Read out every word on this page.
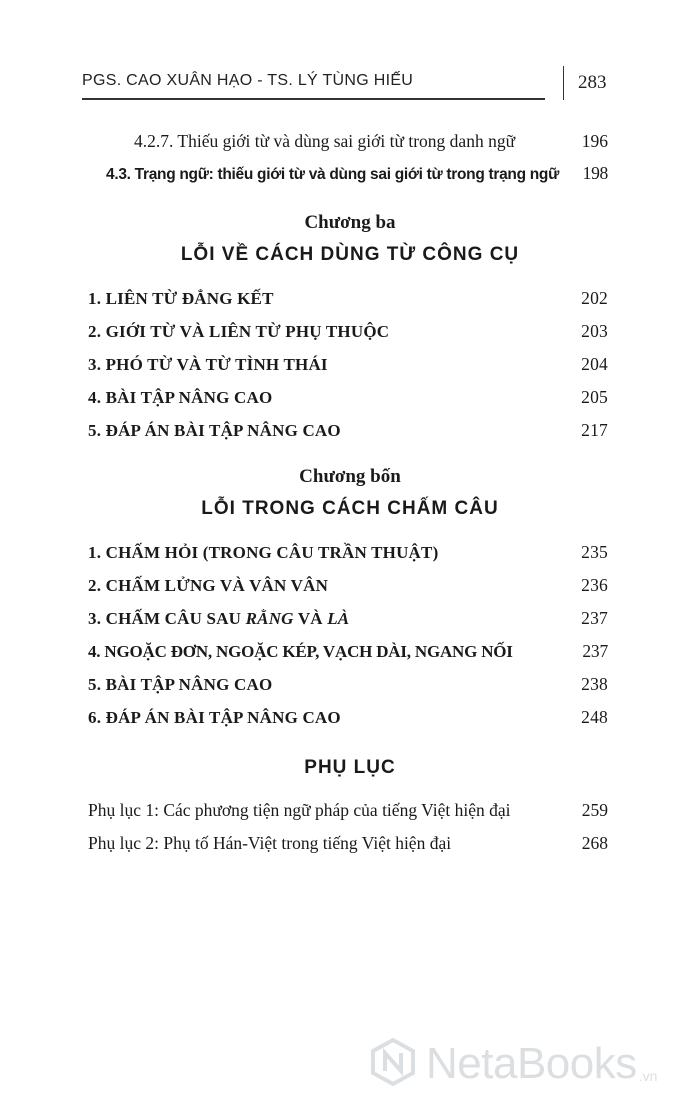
PGS. CAO XUÂN HẠO - TS. LÝ TÙNG HIẾU	283
4.2.7. Thiếu giới từ và dùng sai giới từ trong danh ngữ	196
4.3. Trạng ngữ: thiếu giới từ và dùng sai giới từ trong trạng ngữ 198
Chương ba
LỖI VỀ CÁCH DÙNG TỪ CÔNG CỤ
1. LIÊN TỪ ĐẲNG KẾT	202
2. GIỚI TỪ VÀ LIÊN TỪ PHỤ THUỘC	203
3. PHÓ TỪ VÀ TỪ TÌNH THÁI	204
4. BÀI TẬP NÂNG CAO	205
5. ĐÁP ÁN BÀI TẬP NÂNG CAO	217
Chương bốn
LỖI TRONG CÁCH CHẤM CÂU
1. CHẤM HỎI (TRONG CÂU TRẦN THUẬT)	235
2. CHẤM LỬNG VÀ VÂN VÂN	236
3. CHẤM CÂU SAU RẰNG VÀ LÀ	237
4. NGOẶC ĐƠN, NGOẶC KÉP, VẠCH DÀI, NGANG NỐI	237
5. BÀI TẬP NÂNG CAO	238
6. ĐÁP ÁN BÀI TẬP NÂNG CAO	248
PHỤ LỤC
Phụ lục 1: Các phương tiện ngữ pháp của tiếng Việt hiện đại	259
Phụ lục 2: Phụ tố Hán-Việt trong tiếng Việt hiện đại	268
NetaBooks .vn
